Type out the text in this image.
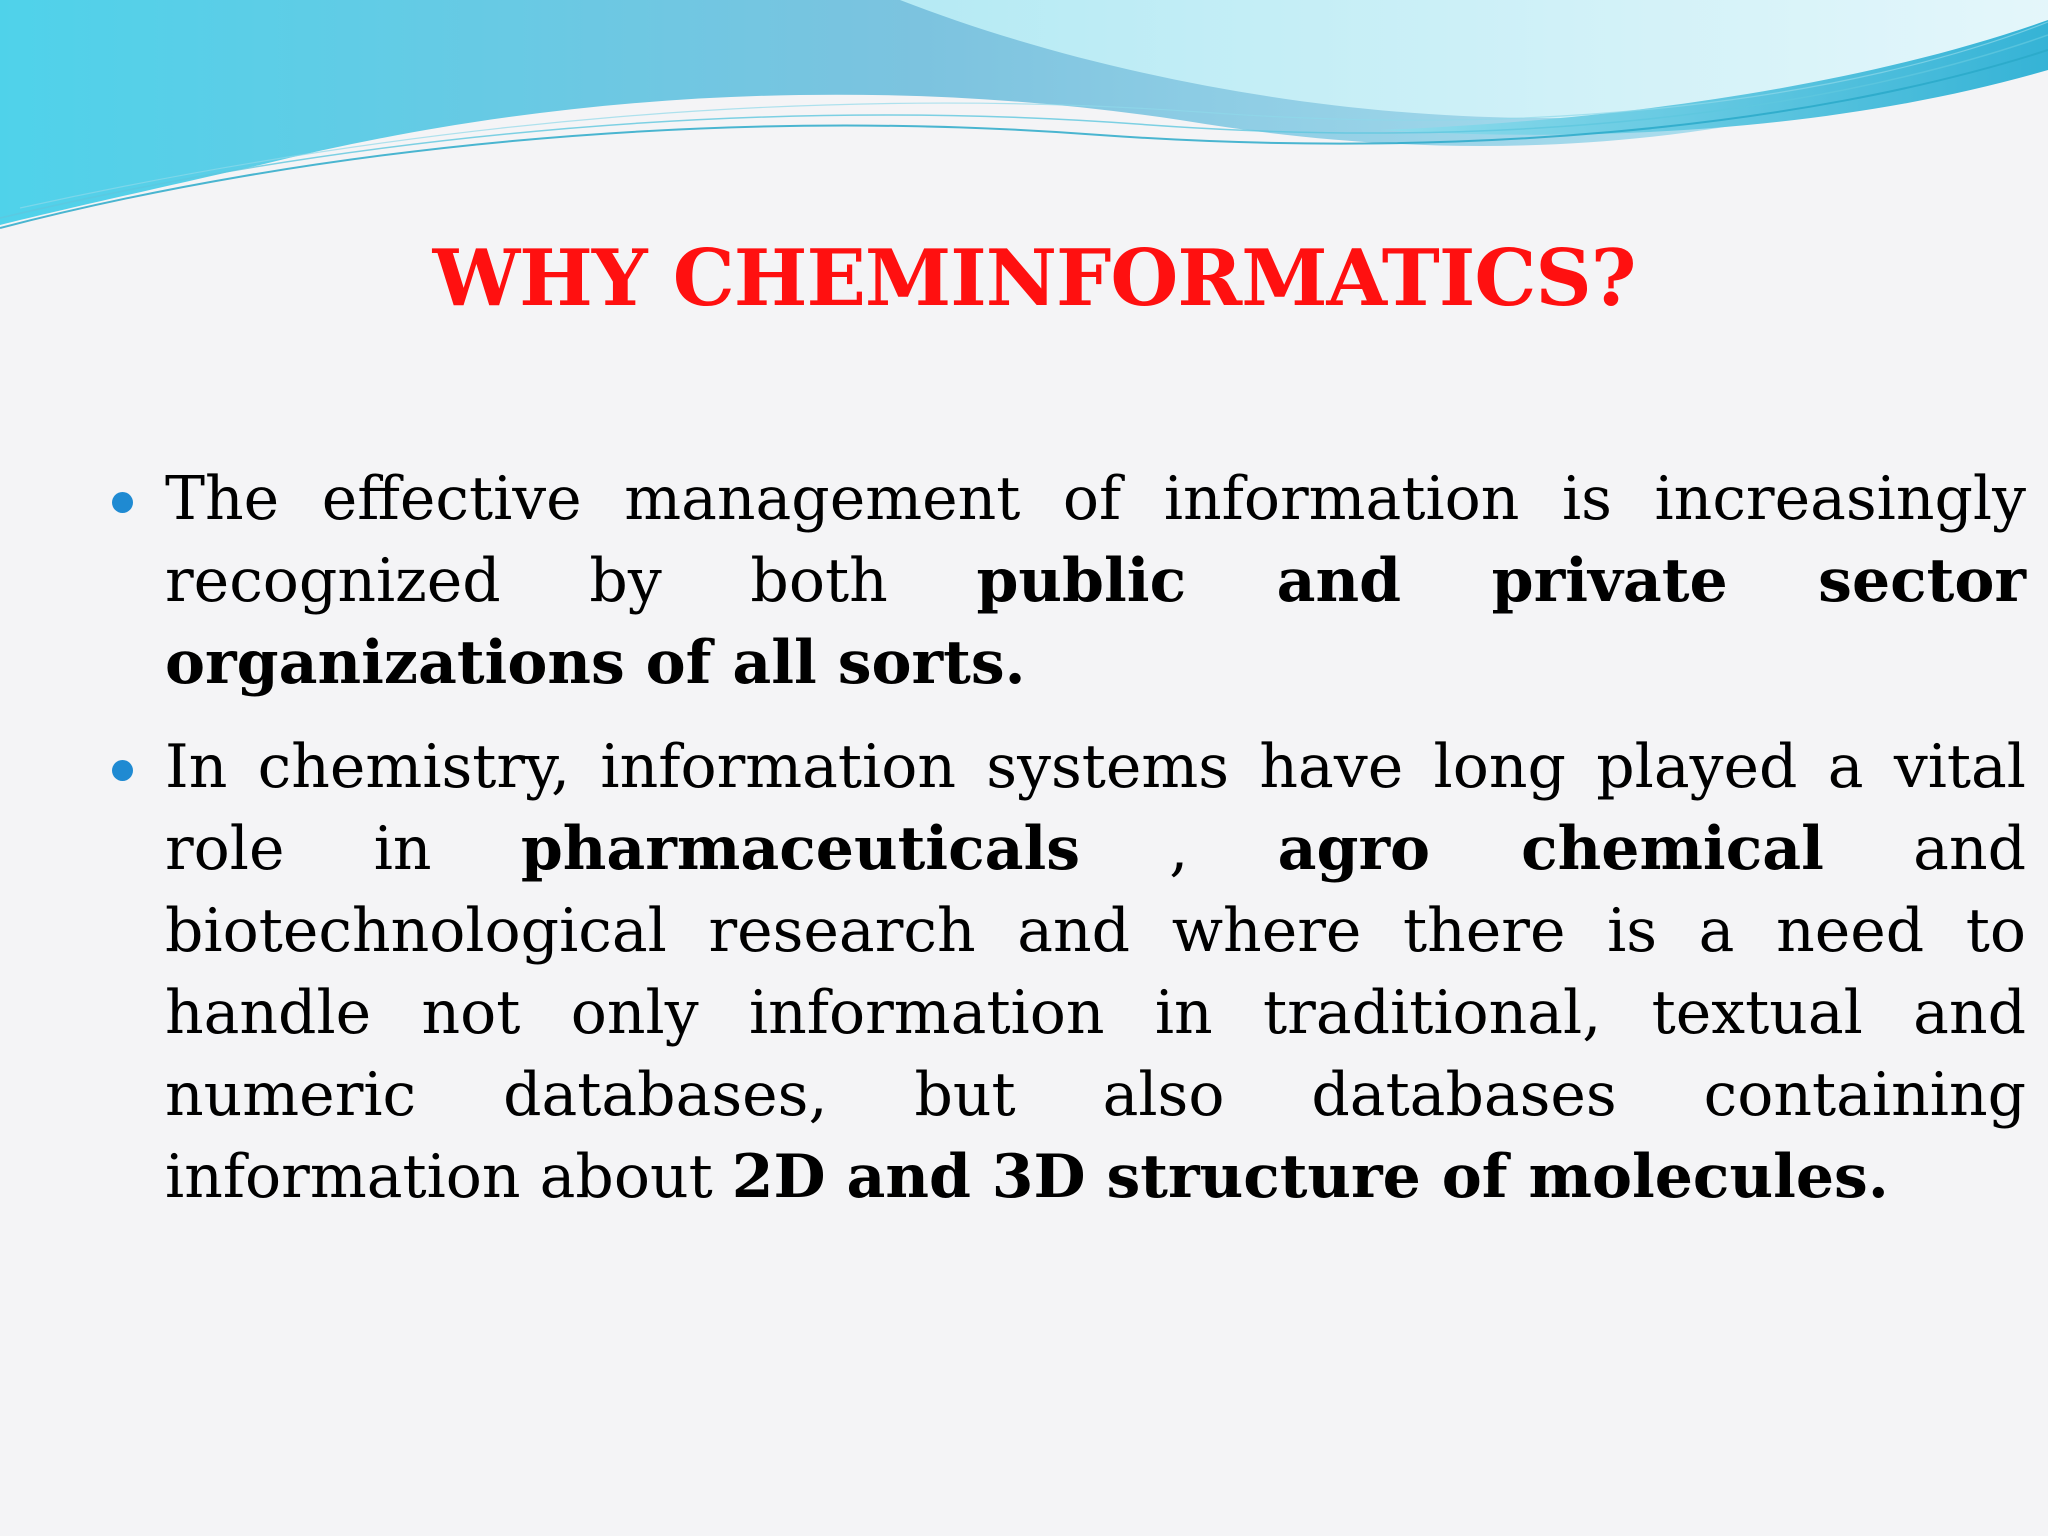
WHY CHEMINFORMATICS?
The effective management of information is increasingly recognized by both public and private sector organizations of all sorts.
In chemistry, information systems have long played a vital role in pharmaceuticals , agro chemical and biotechnological research and where there is a need to handle not only information in traditional, textual and numeric databases, but also databases containing information about 2D and 3D structure of molecules.
